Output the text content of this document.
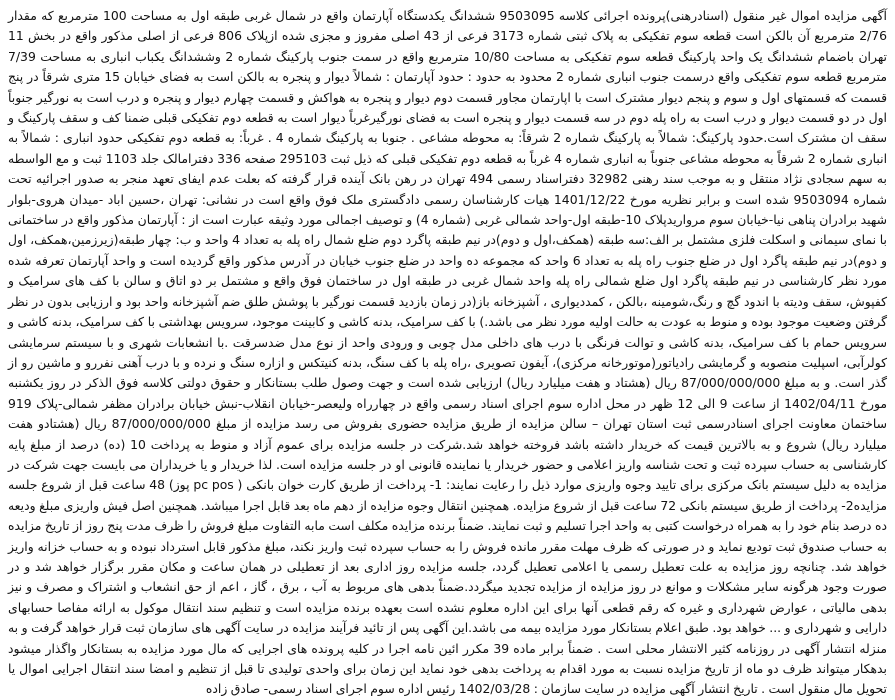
آگهی مزایده اموال غیر منقول (اسنادرهنی)پرونده اجرائی کلاسه 9503095 ششدانگ یکدستگاه آپارتمان واقع در شمال غربی طبقه اول به مساحت 100 مترمربع که مقدار 2/76 مترمربع آن بالکن است قطعه سوم تفکیکی به پلاک ثبتی شماره 3173 فرعی از 43 اصلی مفروز و مجزی شده ازپلاک 806 فرعی از اصلی مذکور واقع در بخش 11 تهران باضمام ششدانگ یک واحد پارکینگ قطعه سوم تفکیکی به مساحت 10/80 مترمربع واقع در سمت جنوب پارکینگ شماره 2 وششدانگ یکباب انباری به مساحت 7/39 مترمربع قطعه سوم تفکیکی واقع درسمت جنوب انباری شماره 2 محدود به حدود : حدود آپارتمان : شمالاً دیوار و پنجره به بالکن است به فضای خیابان 15 متری شرقاً در پنج قسمت که قسمتهای اول و سوم و پنجم دیوار مشترک است با اپارتمان مجاور قسمت دوم دیوار و پنجره به هواکش و قسمت چهارم دیوار و پنجره و درب است به نورگیر جنوباً اول در دو قسمت دیوار و درب است به راه پله دوم در سه قسمت دیوار و پنجره است به فضای نورگیرغرباً دیوار است به قطعه دوم تفکیکی قبلی ضمنا کف و سقف پارکینگ و سقف ان مشترک است.حدود پارکینگ: شمالاً به پارکینگ شماره 2 شرقاً: به محوطه مشاعی . جنوبا به پارکینگ شماره 4 . غرباً: به قطعه دوم تفکیکی حدود انباری : شمالاً به انباری شماره 2 شرقاً به محوطه مشاعی جنوباً به انباری شماره 4 غرباً به قطعه دوم تفکیکی قبلی که ذیل ثبت 295103 صفحه 336 دفترامالک جلد 1103 ثبت و مع الواسطه به سهم سجادی نژاد منتقل و به موجب سند رهنی 32982 دفتراسناد رسمی 494 تهران در رهن بانک آینده قرار گرفته که بعلت عدم ایفای تعهد منجر به صدور اجرائیه تحت شماره 9503094 شده است و برابر نظریه مورخ 1401/12/22 هیات کارشناسان رسمی دادگستری ملک فوق واقع است در نشانی: تهران ،حسین اباد -میدان هروی-بلوار شهید برادران پناهی نیا-خیابان سوم مرواریدپلاک 10-طبقه اول-واحد شمالی غربی (شماره 4) و توصیف اجمالی مورد وثیقه عبارت است از : آپارتمان مذکور واقع در ساختمانی با نمای سیمانی و اسکلت فلزی مشتمل بر الف:سه طبقه (همکف،اول و دوم)در نیم طبقه پاگرد دوم ضلع شمال راه پله به تعداد 4 واحد و ب: چهار طبقه(زیرزمین،همکف، اول و دوم)در نیم طبقه پاگرد اول در ضلع جنوب راه پله به تعداد 6 واحد که مجموعه ده واحد در ضلع جنوب خیابان در آدرس مذکور واقع گردیده است و واحد آپارتمان تعرفه شده مورد نظر کارشناسی در نیم طبقه پاگرد اول ضلع شمالی راه پله واحد شمال غربی در طبقه اول در ساختمان فوق واقع و مشتمل بر دو اتاق و سالن با کف های سرامیک و کفپوش، سقف ودیته با اندود گچ و رنگ،شومینه ،بالکن ، کمددیواری ، آشپزخانه باز(در زمان بازدید قسمت نورگیر با پوشش طلق ضم آشپزخانه واحد بود و ارزیابی بدون در نظر گرفتن وضعیت موجود بوده و منوط به عودت به حالت اولیه مورد نظر می باشد.) با کف سرامیک، بدنه کاشی و کابینت موجود، سرویس بهداشتی با کف سرامیک، بدنه کاشی و سرویس حمام با کف سرامیک، بدنه کاشی و توالت فرنگی با درب های داخلی مدل چوبی و ورودی واحد از نوع مدل ضدسرقت .با انشعابات شهری و با سیستم سرمایشی کولرآبی، اسپلیت منصوبه و گرمایشی رادیاتور(موتورخانه مرکزی)، آیفون تصویری ،راه پله با کف سنگ، بدنه کنیتکس و ازاره سنگ و نرده و با درب آهنی نفررو و ماشین رو از گذر است. و به مبلغ 87/000/000/000 ریال (هشتاد و هفت میلیارد ریال) ارزیابی شده است و جهت وصول طلب بستانکار و حقوق دولتی کلاسه فوق الذکر در روز یکشنبه مورخ 1402/04/11 از ساعت 9 الی 12 ظهر در محل اداره سوم اجرای اسناد رسمی واقع در چهارراه ولیعصر-خیابان انقلاب-نبش خیابان برادران مظفر شمالی-پلاک 919 ساختمان معاونت اجرای اسنادرسمی ثبت استان تهران – سالن مزایده از طریق مزایده حضوری بفروش می رسد مزایده از مبلغ 87/000/000/000 ریال (هشتادو هفت میلیارد ریال) شروع و به بالاترین قیمت که خریدار داشته باشد فروخته خواهد شد.شرکت در جلسه مزایده برای عموم آزاد و منوط به پرداخت 10 (ده) درصد از مبلغ پایه کارشناسی به حساب سپرده ثبت و تحت شناسه واریز اعلامی و حضور خریدار یا نماینده قانونی او در جلسه مزایده است. لذا خریدار و یا خریداران می بایست جهت شرکت در مزایده به دلیل سیستم بانک مرکزی برای تایید وجوه واریزی موارد ذیل را رعایت نمایند: 1- پرداخت از طریق کارت خوان بانکی ( pc pos پوز) 48 ساعت قبل از شروع جلسه مزایده2- پرداخت از طریق سیستم بانکی 72 ساعت قبل از شروع مزایده. همچنین انتقال وجوه مزایده از دهم ماه بعد قابل اجرا میباشد. همچنین اصل فیش واریزی مبلغ ودیعه ده درصد بنام خود را به همراه درخواست کتبی به واحد اجرا تسلیم و ثبت نمایند. ضمناً برنده مزایده مکلف است مابه التفاوت مبلغ فروش را ظرف مدت پنج روز از تاریخ مزایده به حساب صندوق ثبت توديع نمايد و در صورتی که ظرف مهلت مقرر مانده فروش را به حساب سپرده ثبت واریز نکند، مبلغ مذکور قابل استرداد نبوده و به حساب خزانه واریز خواهد شد. چنانچه روز مزایده به علت تعطیل رسمی یا اعلامی تعطیل گردد، جلسه مزایده روز اداری بعد از تعطیلی در همان ساعت و مکان مقرر برگزار خواهد شد و در صورت وجود هرگونه سایر مشکلات و موانع در روز مزایده از مزایده تجدید میگردد.ضمناً بدهی های مربوط به آب ، برق ، گاز ، اعم از حق انشعاب و اشتراک و مصرف و نیز بدهی مالیاتی ، عوارض شهرداری و غیره که رقم قطعی آنها برای این اداره معلوم نشده است بعهده برنده مزایده است و تنظیم سند انتقال موکول به ارائه مفاصا حسابهای دارایی و شهرداری و ... خواهد بود. طبق اعلام بستانکار مورد مزایده بیمه می باشد.این آگهی پس از تائید فرآیند مزایده در سایت آگهی های سازمان ثبت قرار خواهد گرفت و به منزله انتشار آگهی در روزنامه کثیر الانتشار محلی است . ضمناً برابر ماده 39 مکرر ائین نامه اجرا در کلیه پرونده های اجرایی که مال مورد مزایده به بستانکار واگذار میشود بدهکار میتواند ظرف دو ماه از تاریخ مزایده نسبت به مورد اقدام به پرداخت بدهی خود نماید این زمان برای واحدی تولیدی تا قبل از تنظیم و امضا سند انتقال اجرایی اموال یا تحویل مال منقول است . تاریخ انتشار آگهی مزایده در سایت سازمان : 1402/03/28 رئیس اداره سوم اجرای اسناد رسمی- صادق زاده
